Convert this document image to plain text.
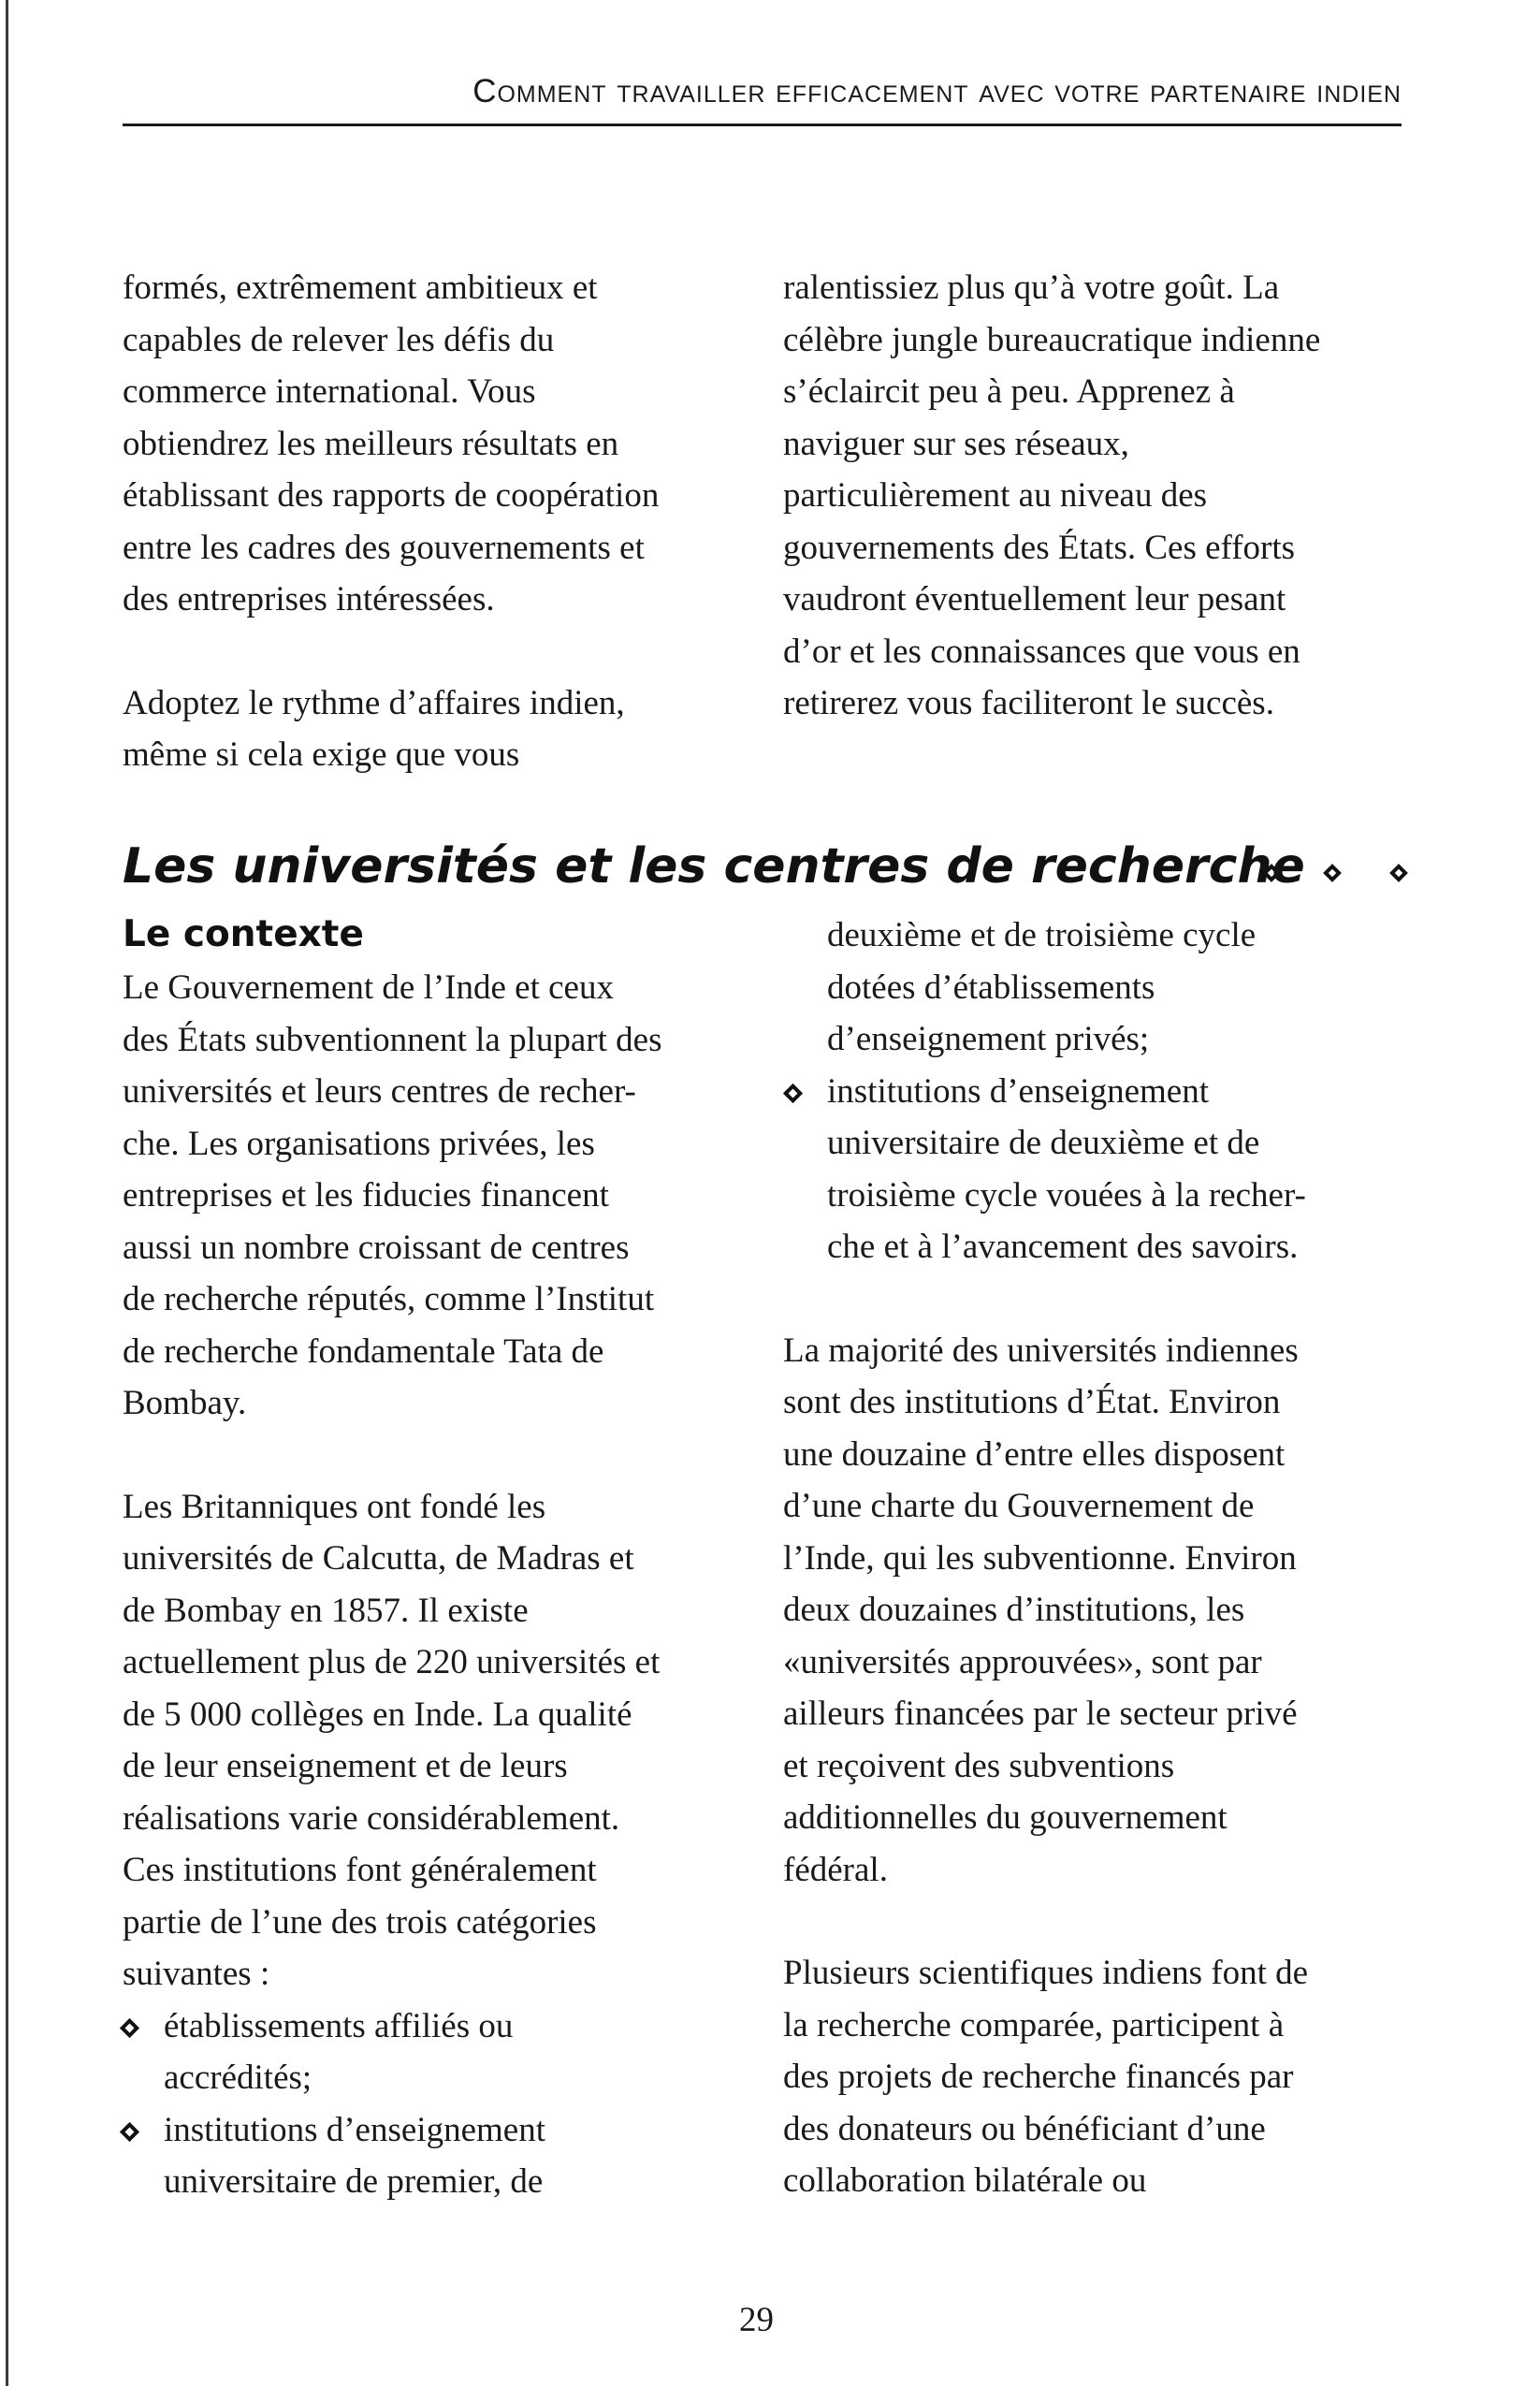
Comment travailler efficacement avec votre partenaire indien

formés, extrêmement ambitieux et
capables de relever les défis du
commerce international. Vous
obtiendrez les meilleurs résultats en
établissant des rapports de coopération
entre les cadres des gouvernements et
des entreprises intéressées.

Adoptez le rythme d’affaires indien,
même si cela exige que vous

ralentissiez plus qu’à votre goût. La
célèbre jungle bureaucratique indienne
s’éclaircit peu à peu. Apprenez à
naviguer sur ses réseaux,
particulièrement au niveau des
gouvernements des États. Ces efforts
vaudront éventuellement leur pesant
d’or et les connaissances que vous en
retirerez vous faciliteront le succès.

Les universités et les centres de recherche
Le contexte

Le Gouvernement de l’Inde et ceux
des États subventionnent la plupart des
universités et leurs centres de recher-
che. Les organisations privées, les
entreprises et les fiducies financent
aussi un nombre croissant de centres
de recherche réputés, comme l’Institut
de recherche fondamentale Tata de
Bombay.

Les Britanniques ont fondé les
universités de Calcutta, de Madras et
de Bombay en 1857. Il existe
actuellement plus de 220 universités et
de 5 000 collèges en Inde. La qualité
de leur enseignement et de leurs
réalisations varie considérablement.
Ces institutions font généralement
partie de l’une des trois catégories
suivantes :

établissements affiliés ou
accrédités;
institutions d’enseignement
universitaire de premier, de
deuxième et de troisième cycle
dotées d’établissements
d’enseignement privés;
institutions d’enseignement
universitaire de deuxième et de
troisième cycle vouées à la recher-
che et à l’avancement des savoirs.

La majorité des universités indiennes
sont des institutions d’État. Environ
une douzaine d’entre elles disposent
d’une charte du Gouvernement de
l’Inde, qui les subventionne. Environ
deux douzaines d’institutions, les
«universités approuvées», sont par
ailleurs financées par le secteur privé
et reçoivent des subventions
additionnelles du gouvernement
fédéral.

Plusieurs scientifiques indiens font de
la recherche comparée, participent à
des projets de recherche financés par
des donateurs ou bénéficiant d’une
collaboration bilatérale ou

29
